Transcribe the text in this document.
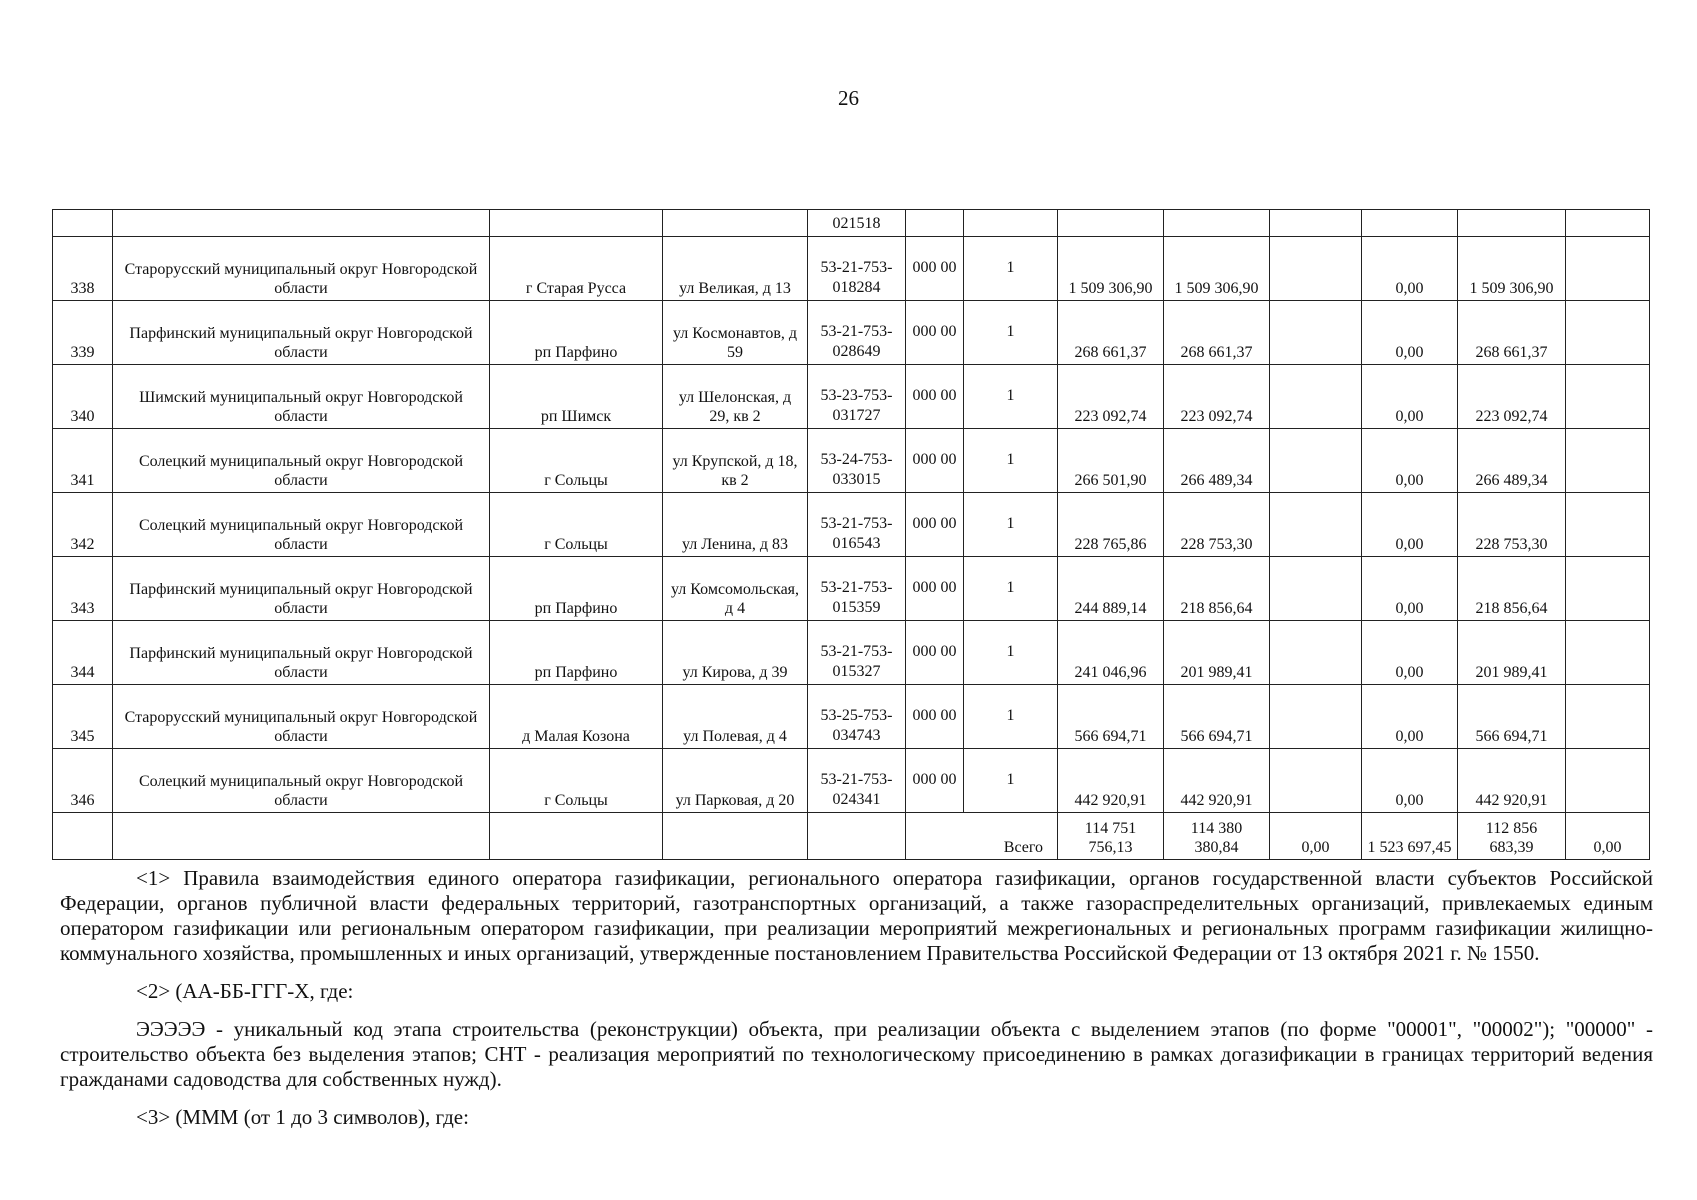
26
				021518								
338	Старорусский муниципальный округ Новгородской области	г Старая Русса	ул Великая, д 13	53-21-753-018284	000 00	1	1 509 306,90	1 509 306,90		0,00	1 509 306,90	
339	Парфинский муниципальный округ Новгородской области	рп Парфино	ул Космонавтов, д 59	53-21-753-028649	000 00	1	268 661,37	268 661,37		0,00	268 661,37	
340	Шимский муниципальный округ Новгородской области	рп Шимск	ул Шелонская, д 29, кв 2	53-23-753-031727	000 00	1	223 092,74	223 092,74		0,00	223 092,74	
341	Солецкий муниципальный округ Новгородской области	г Сольцы	ул Крупской, д 18, кв 2	53-24-753-033015	000 00	1	266 501,90	266 489,34		0,00	266 489,34	
342	Солецкий муниципальный округ Новгородской области	г Сольцы	ул Ленина, д 83	53-21-753-016543	000 00	1	228 765,86	228 753,30		0,00	228 753,30	
343	Парфинский муниципальный округ Новгородской области	рп Парфино	ул Комсомольская, д 4	53-21-753-015359	000 00	1	244 889,14	218 856,64		0,00	218 856,64	
344	Парфинский муниципальный округ Новгородской области	рп Парфино	ул Кирова, д 39	53-21-753-015327	000 00	1	241 046,96	201 989,41		0,00	201 989,41	
345	Старорусский муниципальный округ Новгородской области	д Малая Козона	ул Полевая, д 4	53-25-753-034743	000 00	1	566 694,71	566 694,71		0,00	566 694,71	
346	Солецкий муниципальный округ Новгородской области	г Сольцы	ул Парковая, д 20	53-21-753-024341	000 00	1	442 920,91	442 920,91		0,00	442 920,91	
					Всего		114 751 756,13	114 380 380,84	0,00	1 523 697,45	112 856 683,39	0,00

<1> Правила взаимодействия единого оператора газификации, регионального оператора газификации, органов государственной власти субъектов Российской Федерации, органов публичной власти федеральных территорий, газотранспортных организаций, а также газораспределительных организаций, привлекаемых единым оператором газификации или региональным оператором газификации, при реализации мероприятий межрегиональных и региональных программ газификации жилищно-коммунального хозяйства, промышленных и иных организаций, утвержденные постановлением Правительства Российской Федерации от 13 октября 2021 г. № 1550.

<2> (АА-ББ-ГГГ-Х, где:

ЭЭЭЭЭ - уникальный код этапа строительства (реконструкции) объекта, при реализации объекта с выделением этапов (по форме "00001", "00002"); "00000" - строительство объекта без выделения этапов; СНТ - реализация мероприятий по технологическому присоединению в рамках догазификации в границах территорий ведения гражданами садоводства для собственных нужд).

<3> (МММ (от 1 до 3 символов), где:
